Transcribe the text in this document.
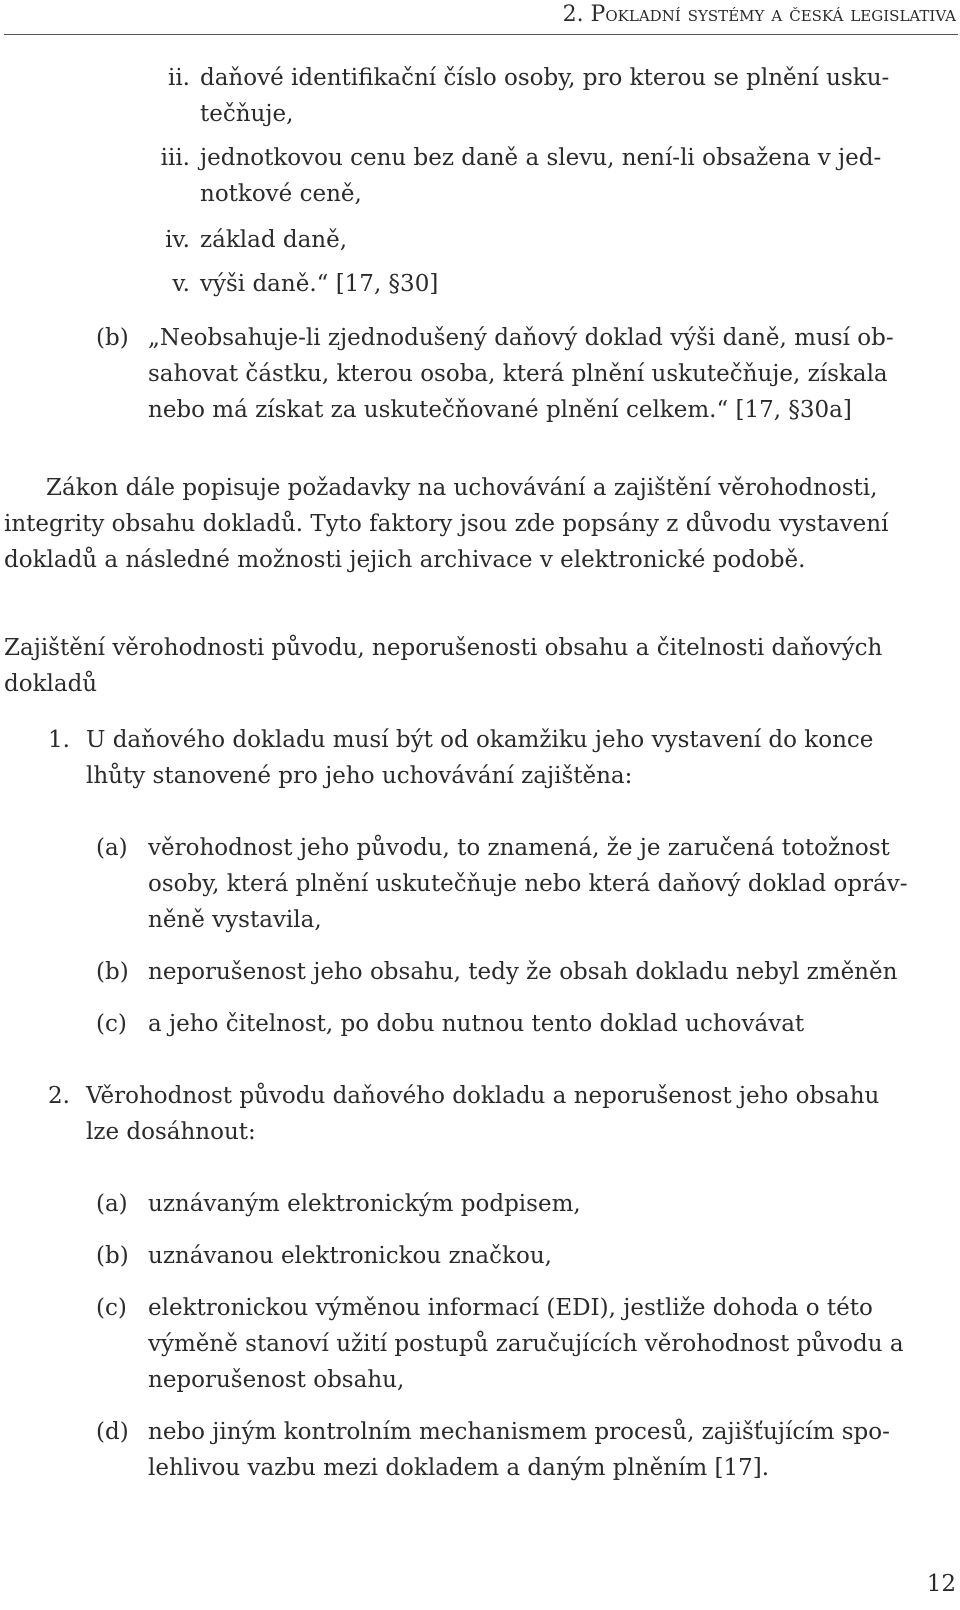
2. Pokladní systémy a česká legislativa
ii. daňové identifikační číslo osoby, pro kterou se plnění usku-
tečňuje,
iii. jednotkovou cenu bez daně a slevu, není-li obsažena v jed-
notkové ceně,
iv. základ daně,
v. výši daně.“ [17, §30]
(b) „Neobsahuje-li zjednodušený daňový doklad výši daně, musí ob-
sahovat částku, kterou osoba, která plnění uskutečňuje, získala
nebo má získat za uskutečňované plnění celkem.“ [17, §30a]
Zákon dále popisuje požadavky na uchovávání a zajištění věrohodnosti,
integrity obsahu dokladů. Tyto faktory jsou zde popsány z důvodu vystavení
dokladů a následné možnosti jejich archivace v elektronické podobě.
Zajištění věrohodnosti původu, neporušenosti obsahu a čitelnosti daňových
dokladů
1. U daňového dokladu musí být od okamžiku jeho vystavení do konce
lhůty stanovené pro jeho uchovávání zajištěna:
(a) věrohodnost jeho původu, to znamená, že je zaručená totožnost
osoby, která plnění uskutečňuje nebo která daňový doklad opráv-
něně vystavila,
(b) neporušenost jeho obsahu, tedy že obsah dokladu nebyl změněn
(c) a jeho čitelnost, po dobu nutnou tento doklad uchovávat
2. Věrohodnost původu daňového dokladu a neporušenost jeho obsahu
lze dosáhnout:
(a) uznávaným elektronickým podpisem,
(b) uznávanou elektronickou značkou,
(c) elektronickou výměnou informací (EDI), jestliže dohoda o této
výměně stanoví užití postupů zaručujících věrohodnost původu a
neporušenost obsahu,
(d) nebo jiným kontrolním mechanismem procesů, zajišťujícím spo-
lehlivou vazbu mezi dokladem a daným plněním [17].
12
